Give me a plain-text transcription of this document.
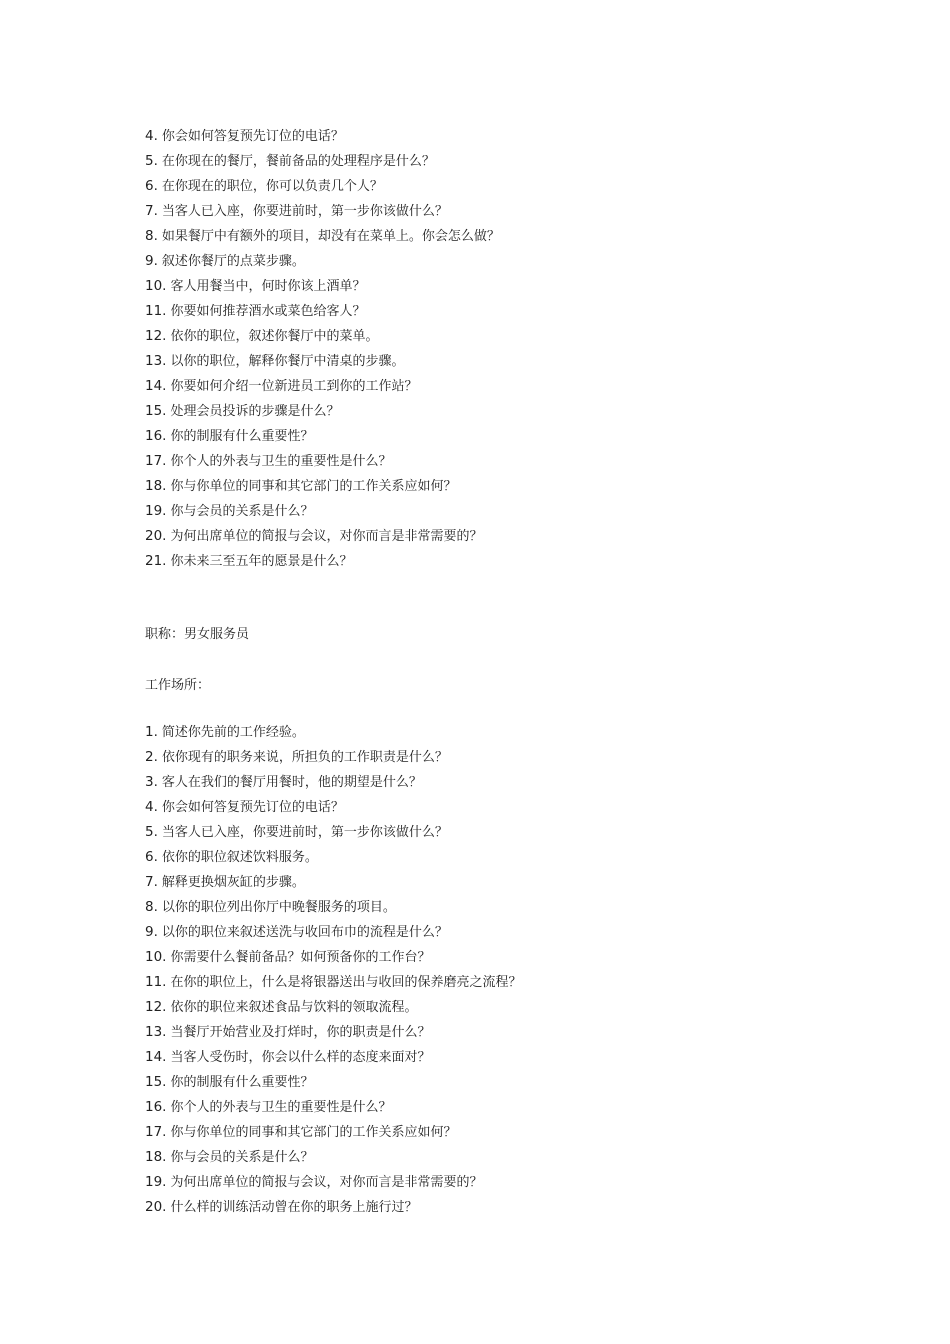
4. 你会如何答复预先订位的电话？
5. 在你现在的餐厅，餐前备品的处理程序是什么？
6. 在你现在的职位，你可以负责几个人？
7. 当客人已入座，你要进前时，第一步你该做什么？
8. 如果餐厅中有额外的项目，却没有在菜单上。你会怎么做？
9. 叙述你餐厅的点菜步骤。
10. 客人用餐当中，何时你该上酒单？
11. 你要如何推荐酒水或菜色给客人？
12. 依你的职位，叙述你餐厅中的菜单。
13. 以你的职位，解释你餐厅中清桌的步骤。
14. 你要如何介绍一位新进员工到你的工作站？
15. 处理会员投诉的步骤是什么？
16. 你的制服有什么重要性？
17. 你个人的外表与卫生的重要性是什么？
18. 你与你单位的同事和其它部门的工作关系应如何？
19. 你与会员的关系是什么？
20. 为何出席单位的简报与会议，对你而言是非常需要的？
21. 你未来三至五年的愿景是什么？
职称：男女服务员
工作场所：
1. 简述你先前的工作经验。
2. 依你现有的职务来说，所担负的工作职责是什么？
3. 客人在我们的餐厅用餐时，他的期望是什么？
4. 你会如何答复预先订位的电话？
5. 当客人已入座，你要进前时，第一步你该做什么？
6. 依你的职位叙述饮料服务。
7. 解释更换烟灰缸的步骤。
8. 以你的职位列出你厅中晚餐服务的项目。
9. 以你的职位来叙述送洗与收回布巾的流程是什么？
10. 你需要什么餐前备品？如何预备你的工作台？
11. 在你的职位上，什么是将银器送出与收回的保养磨亮之流程？
12. 依你的职位来叙述食品与饮料的领取流程。
13. 当餐厅开始营业及打烊时，你的职责是什么？
14. 当客人受伤时，你会以什么样的态度来面对？
15. 你的制服有什么重要性？
16. 你个人的外表与卫生的重要性是什么？
17. 你与你单位的同事和其它部门的工作关系应如何？
18. 你与会员的关系是什么？
19. 为何出席单位的简报与会议，对你而言是非常需要的？
20. 什么样的训练活动曾在你的职务上施行过？
